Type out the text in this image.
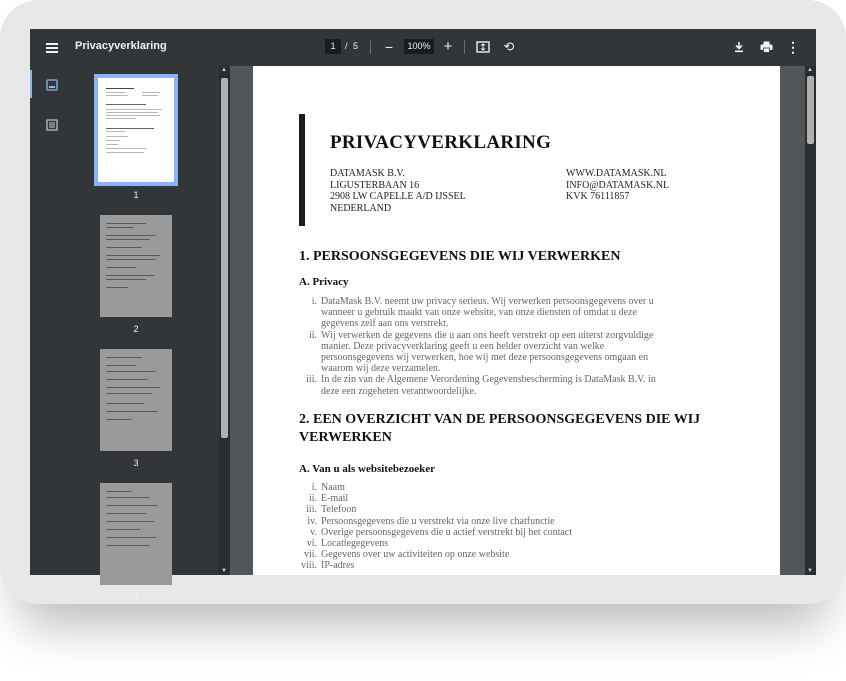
Privacyverklaring	1	/ 5	−	100% +	⟲	⋮
1
2
3
4
▲
▼
PRIVACYVERKLARING
DATAMASK B.V.
LIGUSTERBAAN 16
2908 LW CAPELLE A/D IJSSEL
NEDERLAND
WWW.DATAMASK.NL
INFO@DATAMASK.NL
KVK 76111857
1. PERSOONSGEGEVENS DIE WIJ VERWERKEN
A. Privacy
i. DataMask B.V. neemt uw privacy serieus. Wij verwerken persoonsgegevens over u
wanneer u gebruik maakt van onze website, van onze diensten of omdat u deze
gegevens zelf aan ons verstrekt.
ii. Wij verwerken de gegevens die u aan ons heeft verstrekt op een uiterst zorgvuldige
manier. Deze privacyverklaring geeft u een helder overzicht van welke
persoonsgegevens wij verwerken, hoe wij met deze persoonsgegevens omgaan en
waarom wij deze verzamelen.
iii. In de zin van de Algemene Verordening Gegevensbescherming is DataMask B.V. in
deze een zogeheten verantwoordelijke.
2. EEN OVERZICHT VAN DE PERSOONSGEGEVENS DIE WIJ
VERWERKEN
A. Van u als websitebezoeker
i. Naam
ii. E-mail
iii. Telefoon
iv. Persoonsgegevens die u verstrekt via onze live chatfunctie
v. Overige persoonsgegevens die u actief verstrekt bij het contact
vi. Locatiegegevens
vii. Gegevens over uw activiteiten op onze website
viii. IP-adres
▲
▼
